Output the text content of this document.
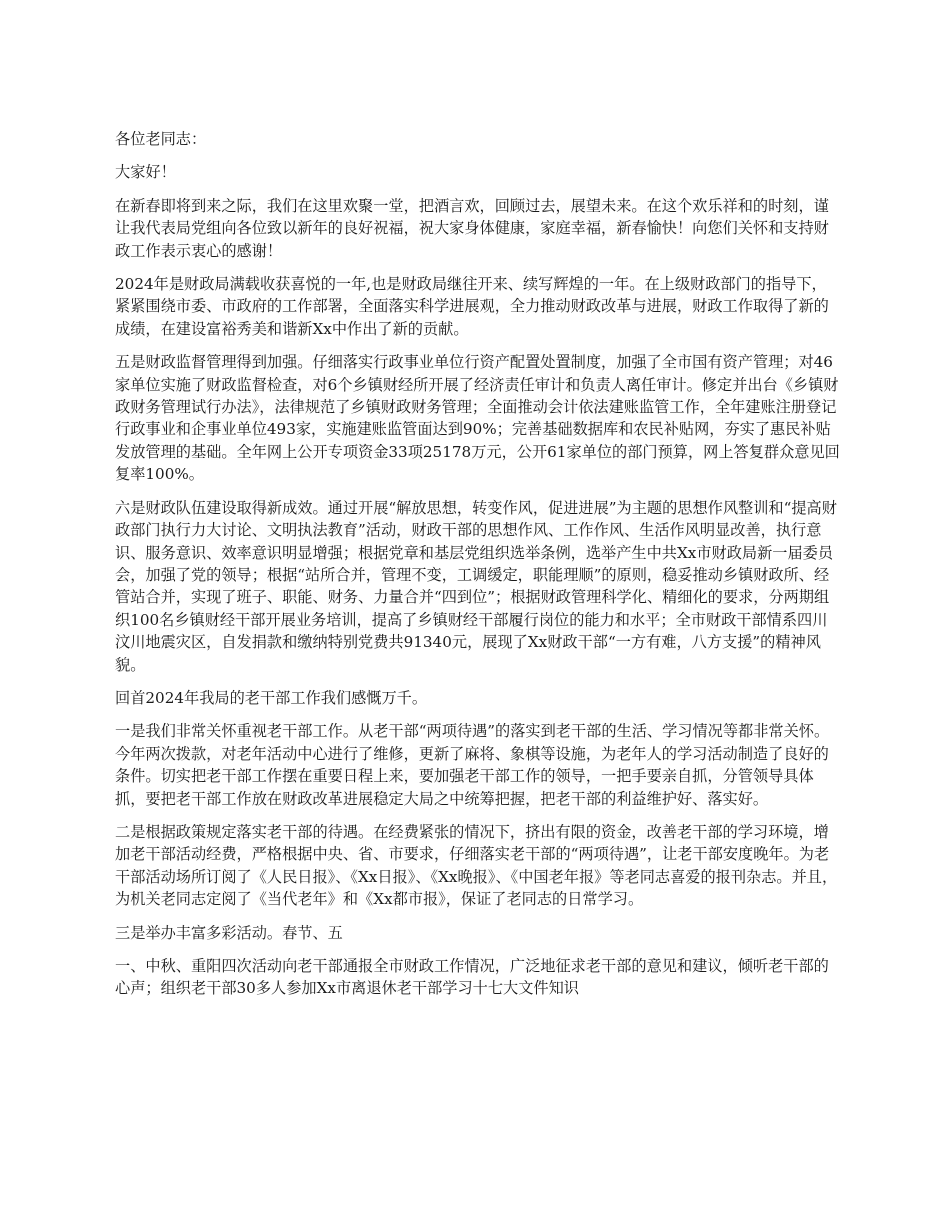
各位老同志：

大家好！

在新春即将到来之际，我们在这里欢聚一堂，把酒言欢，回顾过去，展望未来。在这个欢乐祥和的时刻，谨让我代表局党组向各位致以新年的良好祝福，祝大家身体健康，家庭幸福，新春愉快！向您们关怀和支持财政工作表示衷心的感谢！

2024年是财政局满载收获喜悦的一年,也是财政局继往开来、续写辉煌的一年。在上级财政部门的指导下，紧紧围绕市委、市政府的工作部署，全面落实科学进展观，全力推动财政改革与进展，财政工作取得了新的成绩，在建设富裕秀美和谐新Xx中作出了新的贡献。

五是财政监督管理得到加强。仔细落实行政事业单位行资产配置处置制度，加强了全市国有资产管理；对46家单位实施了财政监督检查，对6个乡镇财经所开展了经济责任审计和负责人离任审计。修定并出台《乡镇财政财务管理试行办法》，法律规范了乡镇财政财务管理；全面推动会计依法建账监管工作，全年建账注册登记行政事业和企事业单位493家，实施建账监管面达到90%；完善基础数据库和农民补贴网，夯实了惠民补贴发放管理的基础。全年网上公开专项资金33项25178万元，公开61家单位的部门预算，网上答复群众意见回复率100%。

六是财政队伍建设取得新成效。通过开展“解放思想，转变作风，促进进展”为主题的思想作风整训和“提高财政部门执行力大讨论、文明执法教育”活动，财政干部的思想作风、工作作风、生活作风明显改善，执行意识、服务意识、效率意识明显增强；根据党章和基层党组织选举条例，选举产生中共Xx市财政局新一届委员会，加强了党的领导；根据“站所合并，管理不变，工调缓定，职能理顺”的原则，稳妥推动乡镇财政所、经管站合并，实现了班子、职能、财务、力量合并“四到位”；根据财政管理科学化、精细化的要求，分两期组织100名乡镇财经干部开展业务培训，提高了乡镇财经干部履行岗位的能力和水平；全市财政干部情系四川汶川地震灾区，自发捐款和缴纳特别党费共91340元，展现了Xx财政干部“一方有难，八方支援”的精神风貌。

回首2024年我局的老干部工作我们感慨万千。

一是我们非常关怀重视老干部工作。从老干部“两项待遇”的落实到老干部的生活、学习情况等都非常关怀。今年两次拨款，对老年活动中心进行了维修，更新了麻将、象棋等设施，为老年人的学习活动制造了良好的条件。切实把老干部工作摆在重要日程上来，要加强老干部工作的领导，一把手要亲自抓，分管领导具体抓，要把老干部工作放在财政改革进展稳定大局之中统筹把握，把老干部的利益维护好、落实好。

二是根据政策规定落实老干部的待遇。在经费紧张的情况下，挤出有限的资金，改善老干部的学习环境，增加老干部活动经费，严格根据中央、省、市要求，仔细落实老干部的“两项待遇”，让老干部安度晚年。为老干部活动场所订阅了《人民日报》、《Xx日报》、《Xx晚报》、《中国老年报》等老同志喜爱的报刊杂志。并且，为机关老同志定阅了《当代老年》和《Xx都市报》，保证了老同志的日常学习。

三是举办丰富多彩活动。春节、五

一、中秋、重阳四次活动向老干部通报全市财政工作情况，广泛地征求老干部的意见和建议，倾听老干部的心声；组织老干部30多人参加Xx市离退休老干部学习十七大文件知识
